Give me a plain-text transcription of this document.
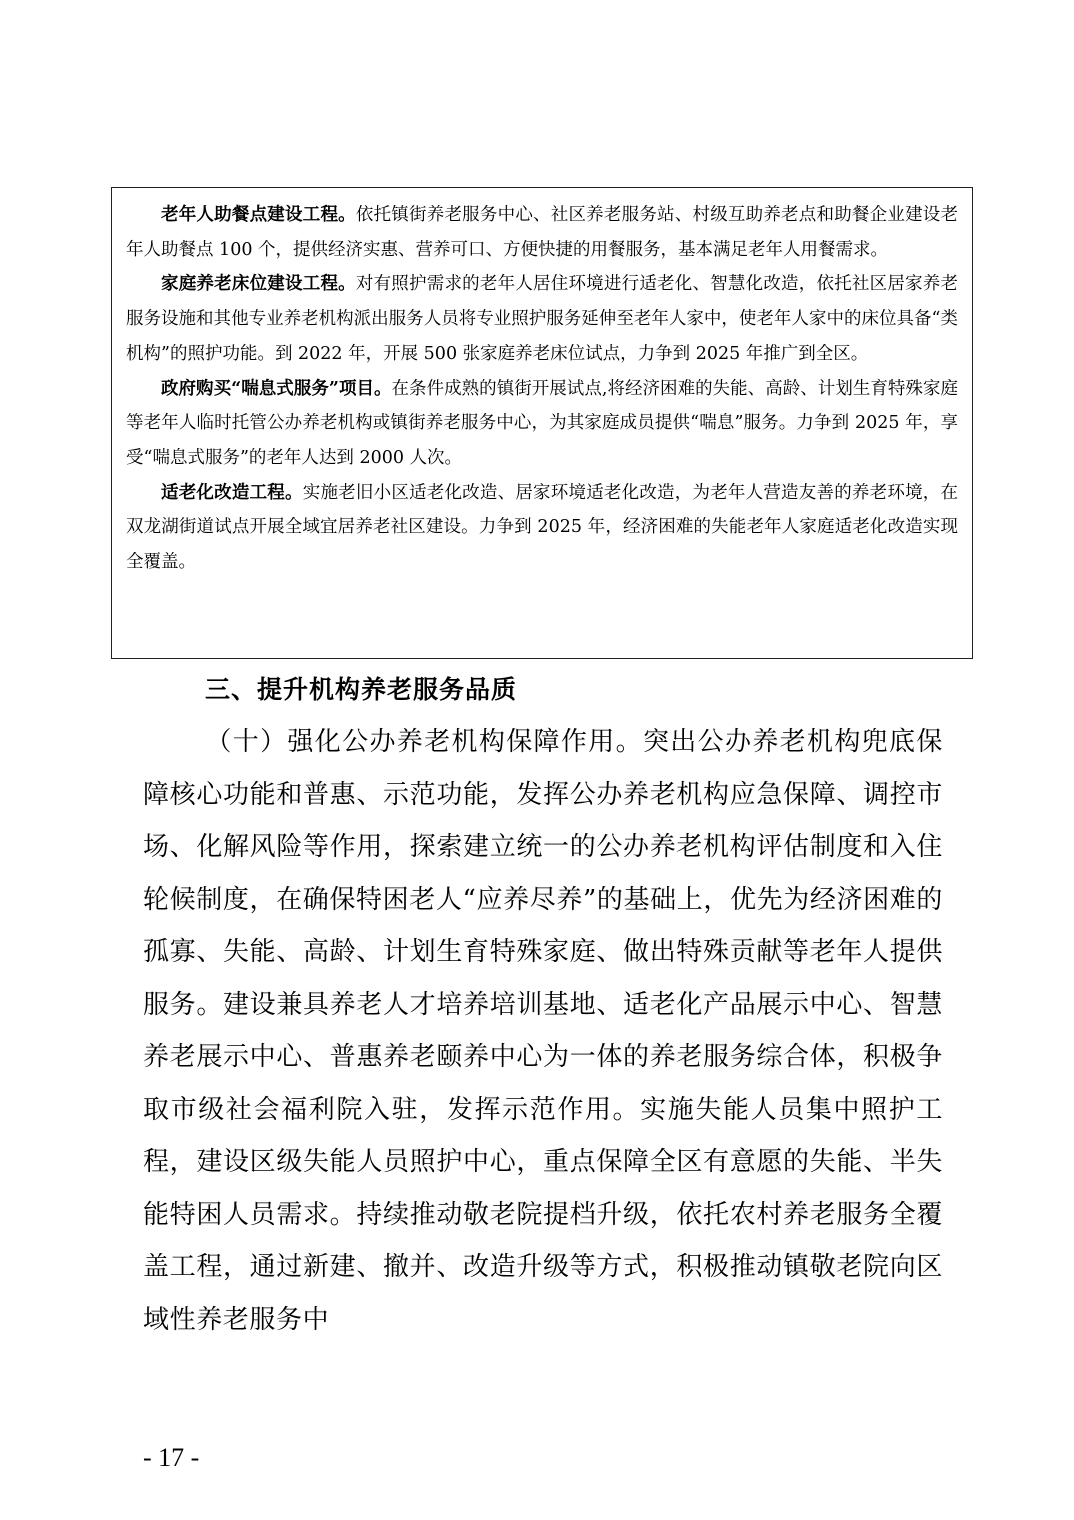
老年人助餐点建设工程。依托镇街养老服务中心、社区养老服务站、村级互助养老点和助餐企业建设老年人助餐点 100 个，提供经济实惠、营养可口、方便快捷的用餐服务，基本满足老年人用餐需求。

家庭养老床位建设工程。对有照护需求的老年人居住环境进行适老化、智慧化改造，依托社区居家养老服务设施和其他专业养老机构派出服务人员将专业照护服务延伸至老年人家中，使老年人家中的床位具备“类机构”的照护功能。到 2022 年，开展 500 张家庭养老床位试点，力争到 2025 年推广到全区。

政府购买“喘息式服务”项目。在条件成熟的镇街开展试点,将经济困难的失能、高龄、计划生育特殊家庭等老年人临时托管公办养老机构或镇街养老服务中心，为其家庭成员提供“喘息”服务。力争到 2025 年，享受“喘息式服务”的老年人达到 2000 人次。

适老化改造工程。实施老旧小区适老化改造、居家环境适老化改造，为老年人营造友善的养老环境，在双龙湖街道试点开展全域宜居养老社区建设。力争到 2025 年，经济困难的失能老年人家庭适老化改造实现全覆盖。

三、提升机构养老服务品质

（十）强化公办养老机构保障作用。突出公办养老机构兜底保障核心功能和普惠、示范功能，发挥公办养老机构应急保障、调控市场、化解风险等作用，探索建立统一的公办养老机构评估制度和入住轮候制度，在确保特困老人“应养尽养”的基础上，优先为经济困难的孤寡、失能、高龄、计划生育特殊家庭、做出特殊贡献等老年人提供服务。建设兼具养老人才培养培训基地、适老化产品展示中心、智慧养老展示中心、普惠养老颐养中心为一体的养老服务综合体，积极争取市级社会福利院入驻，发挥示范作用。实施失能人员集中照护工程，建设区级失能人员照护中心，重点保障全区有意愿的失能、半失能特困人员需求。持续推动敬老院提档升级，依托农村养老服务全覆盖工程，通过新建、撤并、改造升级等方式，积极推动镇敬老院向区域性养老服务中

- 17 -
